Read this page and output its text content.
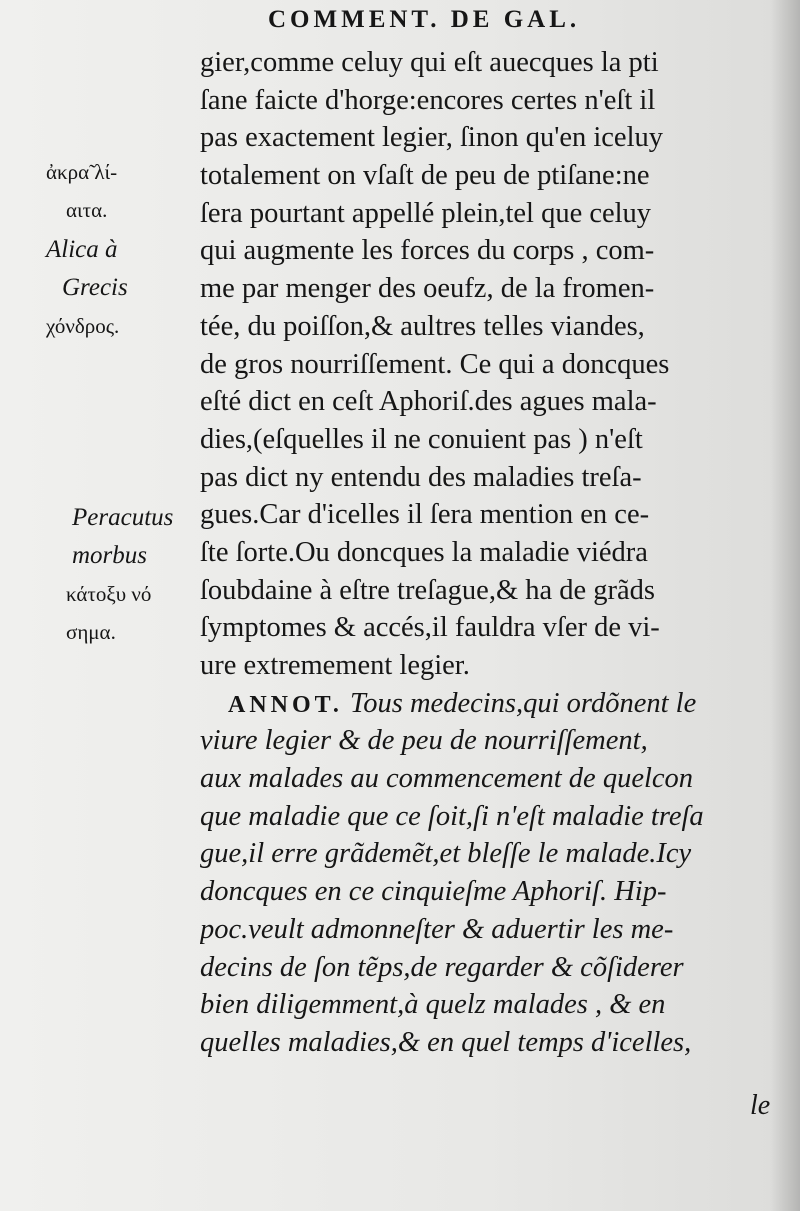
COMMENT. DE GAL.
ἀκρα̃ λί-
αιτα.
Alica à
Grecis
χόνδρος.
Peracutus
morbus
κάτοξυ νό
σημα.
gier,comme celuy qui eſt auecques la pti
ſane faicte d'horge:encores certes n'eſt il
pas exactement legier, ſinon qu'en iceluy
totalement on vſaſt de peu de ptiſane:ne
ſera pourtant appellé plein,tel que celuy
qui augmente les forces du corps , com-
me par menger des oeufz, de la fromen-
tée, du poiſſon,& aultres telles viandes,
de gros nourriſſement. Ce qui a doncques
eſté dict en ceſt Aphoriſ.des agues mala-
dies,(eſquelles il ne conuient pas ) n'eſt
pas dict ny entendu des maladies treſa-
gues.Car d'icelles il ſera mention en ce-
ſte ſorte.Ou doncques la maladie viédra
ſoubdaine à eſtre treſague,& ha de grãds
ſymptomes & accés,il fauldra vſer de vi-
ure extremement legier.
ANNOT. Tous medecins,qui ordõnent le
viure legier & de peu de nourriſſement,
aux malades au commencement de quelcon
que maladie que ce ſoit,ſi n'eſt maladie treſa
gue,il erre grãdemẽt,et bleſſe le malade.Icy
doncques en ce cinquieſme Aphoriſ. Hip-
poc.veult admonneſter & aduertir les me-
decins de ſon tẽps,de regarder & cõſiderer
bien diligemment,à quelz malades , & en
quelles maladies,& en quel temps d'icelles,
le
